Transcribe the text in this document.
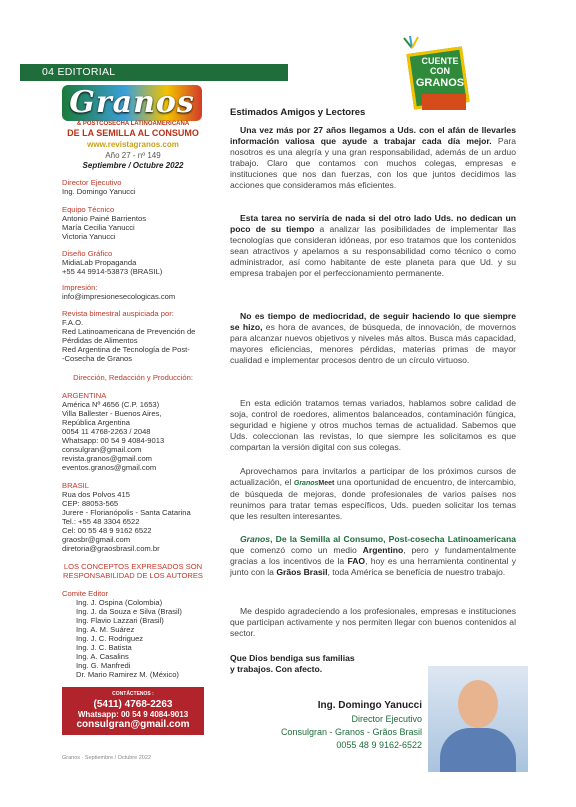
04 EDITORIAL
CUENTE
CON
GRANOS
Granos
& POSTCOSECHA LATINOAMERICANA
DE LA SEMILLA AL CONSUMO
www.revistagranos.com
Año 27 - nº 149
Septiembre / Octubre 2022
Director Ejecutivo
Ing. Domingo Yanucci
Equipo Técnico
Antonio Painé Barrientos
María Cecilia Yanucci
Victoria Yanucci
Diseño Gráfico
MidiaLab Propaganda
+55 44 9914-53873 (BRASIL)
Impresión:
info@impresionesecologicas.com
Revista bimestral auspiciada por:
F.A.O.
Red Latinoamericana de Prevención de
Pérdidas de Alimentos
Red Argentina de Tecnología de Post-
-Cosecha de Granos
Dirección, Redacción y Producción:
ARGENTINA
América Nº 4656 (C.P. 1653)
Villa Ballester - Buenos Aires,
República Argentina
0054 11 4768-2263 / 2048
Whatsapp: 00 54 9 4084-9013
consulgran@gmail.com
revista.granos@gmail.com
eventos.granos@gmail.com
BRASIL
Rua dos Polvos 415
CEP: 88053-565
Jurere - Florianópolis - Santa Catarina
Tel.: +55 48 3304 6522
Cel: 00 55 48 9 9162 6522
graosbr@gmail.com
diretoria@graosbrasil.com.br
LOS CONCEPTOS EXPRESADOS SON
RESPONSABILIDAD DE LOS AUTORES
Comite Editor
Ing. J. Ospina (Colombia)
Ing. J. da Souza e Silva (Brasil)
Ing. Flavio Lazzari (Brasil)
Ing. A. M. Suárez
Ing. J. C. Rodriguez
Ing. J. C. Batista
Ing. A. Casalins
Ing. G. Manfredi
Dr. Mario Ramirez M. (México)
CONTÁCTENOS :
(5411) 4768-2263
Whatsapp: 00 54 9 4084-9013
consulgran@gmail.com
Granos · Septiembre / Octubre 2022
Estimados Amigos y Lectores

Una vez más por 27 años llegamos a Uds. con el afán de llevarles información valiosa que ayude a trabajar cada día mejor. Para nosotros es una alegría y una gran responsabilidad, además de un arduo trabajo. Claro que contamos con muchos colegas, empresas e instituciones que nos dan fuerzas, con los que juntos decidimos las acciones que consideramos más eficientes.

Esta tarea no serviría de nada si del otro lado Uds. no dedican un poco de su tiempo a analizar las posibilidades de implementar llas tecnologías que consideran idóneas, por eso tratamos que los contenidos sean atractivos y apelamos a su responsabilidad como técnico o como administrador, así como habitante de este planeta para que Ud. y su empresa trabajen por el perfeccionamiento permanente.

No es tiempo de mediocridad, de seguir haciendo lo que siempre se hizo, es hora de avances, de búsqueda, de innovación, de movernos para alcanzar nuevos objetivos y niveles más altos. Busca más capacidad, mayores eficiencias, menores pérdidas, materias primas de mayor cualidad e implementar procesos dentro de un círculo virtuoso.

En esta edición tratamos temas variados, hablamos sobre calidad de soja, control de roedores, alimentos balanceados, contaminación fúngica, seguridad e higiene y otros muchos temas de actualidad. Sabemos que Uds. coleccionan las revistas, lo que siempre les solicitamos es que compartan la versión digital con sus colegas.

Aprovechamos para invitarlos a participar de los próximos cursos de actualización, el GranosMeet una oportunidad de encuentro, de intercambio, de búsqueda de mejoras, donde profesionales de varios países nos reunimos para tratar temas específicos, Uds. pueden solicitar los temas que les resulten interesantes.

Granos, De la Semilla al Consumo, Post-cosecha Latinoamericana que comenzó como un medio Argentino, pero y fundamentalmente gracias a los incentivos de la FAO, hoy es una herramienta continental y junto con la Grãos Brasil, toda América se benefícia de nuestro trabajo.

Me despido agradeciendo a los profesionales, empresas e instituciones que participan activamente y nos permiten llegar con buenos contenidos al sector.

Que Dios bendiga sus familias
y trabajos. Con afecto.
Ing. Domingo Yanucci
Director Ejecutivo
Consulgran - Granos - Grãos Brasil
0055 48 9 9162-6522
